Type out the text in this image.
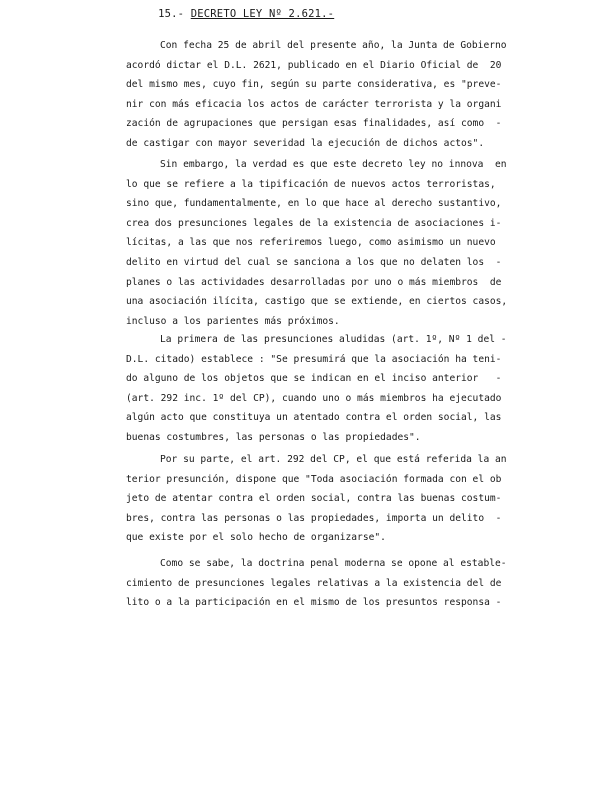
15.- DECRETO LEY Nº 2.621.-

Con fecha 25 de abril del presente año, la Junta de Gobierno
acordó dictar el D.L. 2621, publicado en el Diario Oficial de  20
del mismo mes, cuyo fin, según su parte considerativa, es "preve-
nir con más eficacia los actos de carácter terrorista y la organi
zación de agrupaciones que persigan esas finalidades, así como  -
de castigar con mayor severidad la ejecución de dichos actos".
Sin embargo, la verdad es que este decreto ley no innova  en
lo que se refiere a la tipificación de nuevos actos terroristas,
sino que, fundamentalmente, en lo que hace al derecho sustantivo,
crea dos presunciones legales de la existencia de asociaciones i-
lícitas, a las que nos referiremos luego, como asimismo un nuevo
delito en virtud del cual se sanciona a los que no delaten los  -
planes o las actividades desarrolladas por uno o más miembros  de
una asociación ilícita, castigo que se extiende, en ciertos casos,
incluso a los parientes más próximos.
La primera de las presunciones aludidas (art. 1º, Nº 1 del -
D.L. citado) establece : "Se presumirá que la asociación ha teni-
do alguno de los objetos que se indican en el inciso anterior   -
(art. 292 inc. 1º del CP), cuando uno o más miembros ha ejecutado
algún acto que constituya un atentado contra el orden social, las
buenas costumbres, las personas o las propiedades".
Por su parte, el art. 292 del CP, el que está referida la an
terior presunción, dispone que "Toda asociación formada con el ob
jeto de atentar contra el orden social, contra las buenas costum-
bres, contra las personas o las propiedades, importa un delito  -
que existe por el solo hecho de organizarse".
Como se sabe, la doctrina penal moderna se opone al estable-
cimiento de presunciones legales relativas a la existencia del de
lito o a la participación en el mismo de los presuntos responsa -
